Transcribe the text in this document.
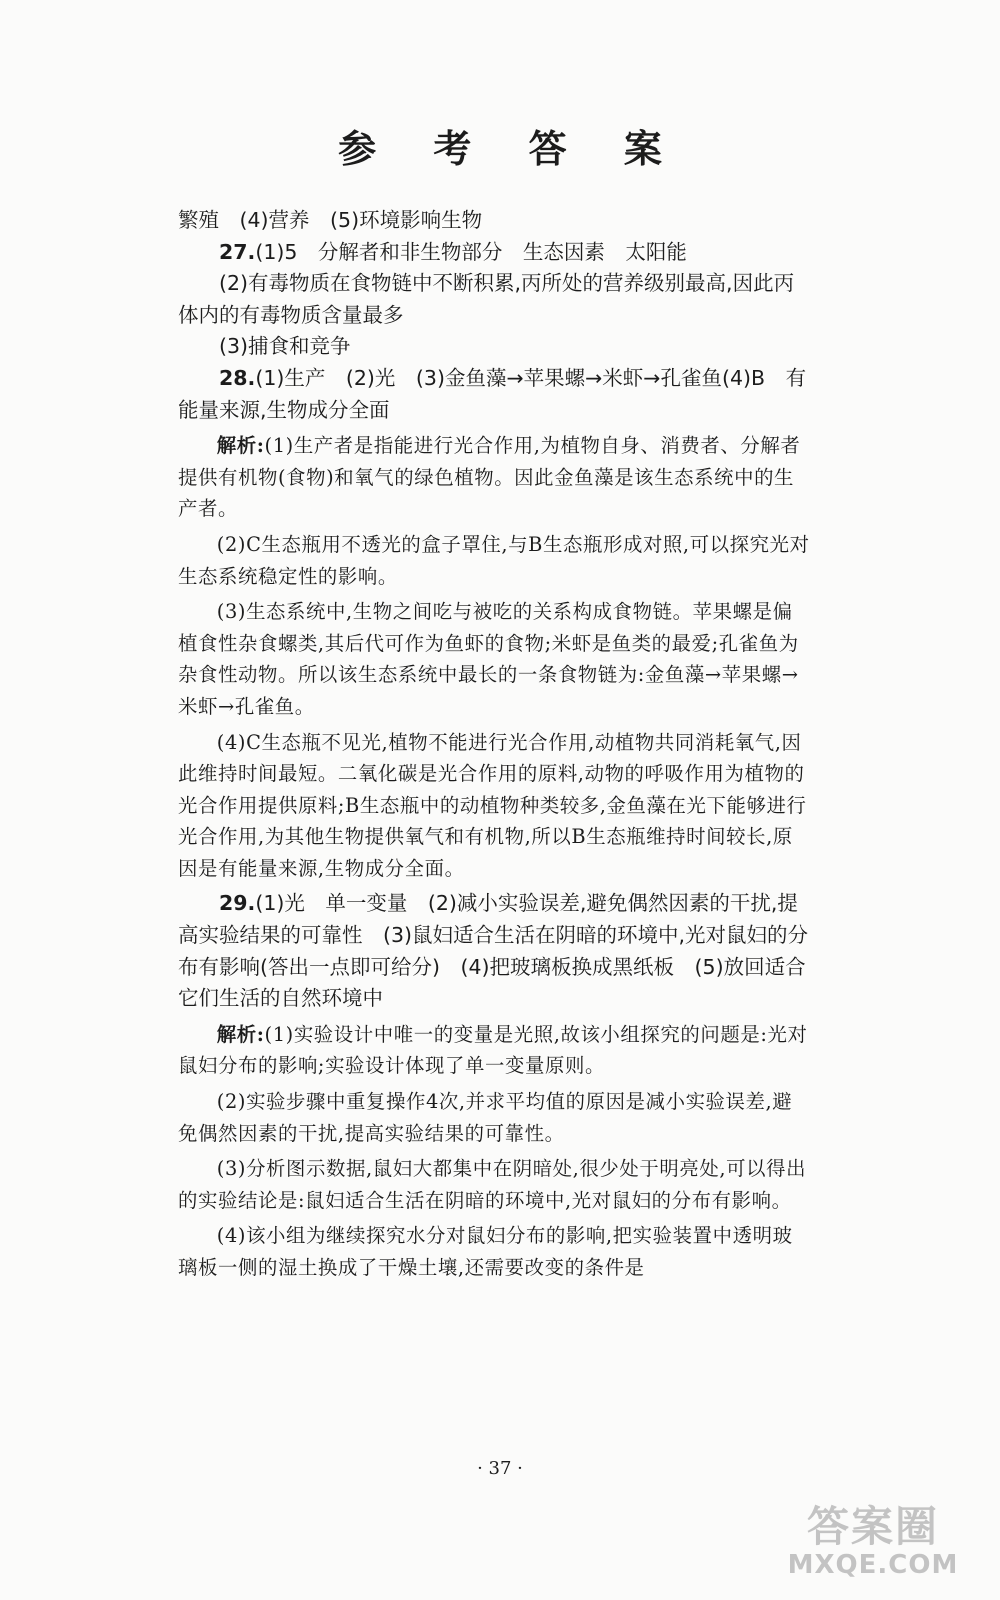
参 考 答 案

繁殖　(4)营养　(5)环境影响生物

27.(1)5　分解者和非生物部分　生态因素　太阳能

(2)有毒物质在食物链中不断积累,丙所处的营养级别最高,因此丙体内的有毒物质含量最多

(3)捕食和竞争

28.(1)生产　(2)光　(3)金鱼藻→苹果螺→米虾→孔雀鱼(4)B　有能量来源,生物成分全面

解析:(1)生产者是指能进行光合作用,为植物自身、消费者、分解者提供有机物(食物)和氧气的绿色植物。因此金鱼藻是该生态系统中的生产者。

(2)C生态瓶用不透光的盒子罩住,与B生态瓶形成对照,可以探究光对生态系统稳定性的影响。

(3)生态系统中,生物之间吃与被吃的关系构成食物链。苹果螺是偏植食性杂食螺类,其后代可作为鱼虾的食物;米虾是鱼类的最爱;孔雀鱼为杂食性动物。所以该生态系统中最长的一条食物链为:金鱼藻→苹果螺→米虾→孔雀鱼。

(4)C生态瓶不见光,植物不能进行光合作用,动植物共同消耗氧气,因此维持时间最短。二氧化碳是光合作用的原料,动物的呼吸作用为植物的光合作用提供原料;B生态瓶中的动植物种类较多,金鱼藻在光下能够进行光合作用,为其他生物提供氧气和有机物,所以B生态瓶维持时间较长,原因是有能量来源,生物成分全面。

29.(1)光　单一变量　(2)减小实验误差,避免偶然因素的干扰,提高实验结果的可靠性　(3)鼠妇适合生活在阴暗的环境中,光对鼠妇的分布有影响(答出一点即可给分)　(4)把玻璃板换成黑纸板　(5)放回适合它们生活的自然环境中

解析:(1)实验设计中唯一的变量是光照,故该小组探究的问题是:光对鼠妇分布的影响;实验设计体现了单一变量原则。

(2)实验步骤中重复操作4次,并求平均值的原因是减小实验误差,避免偶然因素的干扰,提高实验结果的可靠性。

(3)分析图示数据,鼠妇大都集中在阴暗处,很少处于明亮处,可以得出的实验结论是:鼠妇适合生活在阴暗的环境中,光对鼠妇的分布有影响。

(4)该小组为继续探究水分对鼠妇分布的影响,把实验装置中透明玻璃板一侧的湿土换成了干燥土壤,还需要改变的条件是

· 37 ·
答案圈
MXQE.COM
